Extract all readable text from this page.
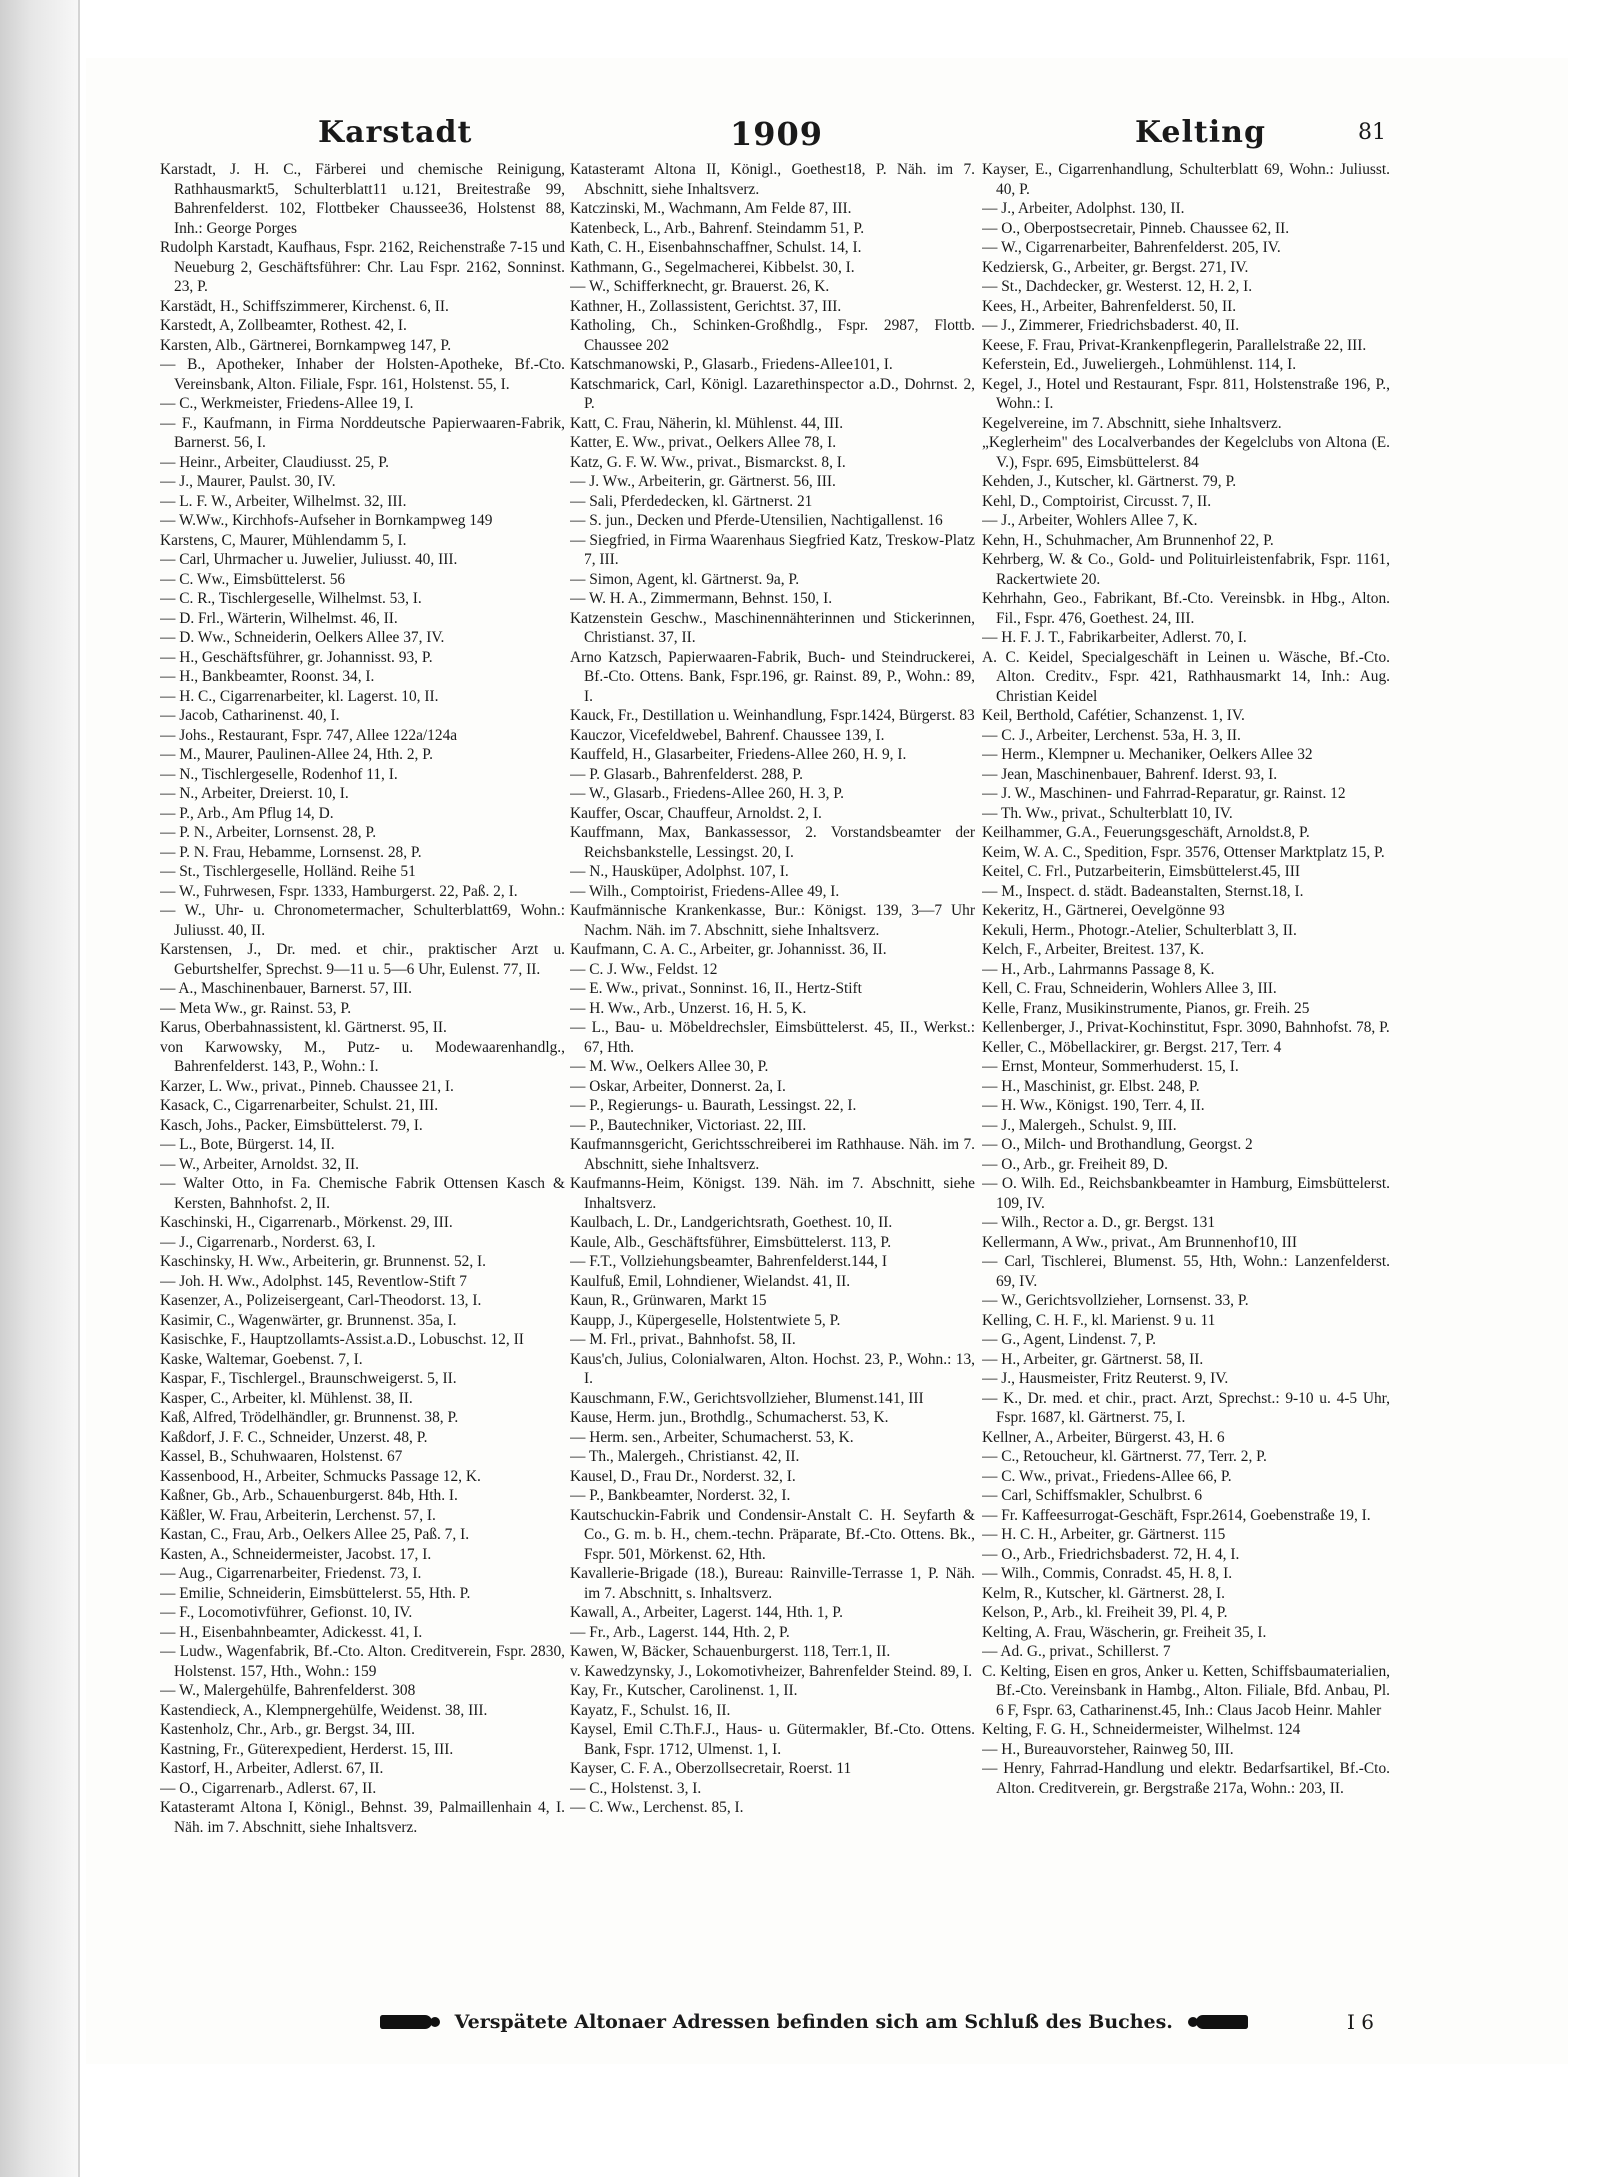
Karstadt	1909	Kelting	81

Karstadt, J. H. C., Färberei und chemische Reinigung, Rathhausmarkt5, Schulterblatt11 u.121, Breitestraße 99, Bahrenfelderst. 102, Flottbeker Chaussee36, Holstenst 88, Inh.: George Porges

Rudolph Karstadt, Kaufhaus, Fspr. 2162, Reichenstraße 7-15 und Neueburg 2, Geschäftsführer: Chr. Lau Fspr. 2162, Sonninst. 23, P.

Karstädt, H., Schiffszimmerer, Kirchenst. 6, II.

Karstedt, A, Zollbeamter, Rothest. 42, I.

Karsten, Alb., Gärtnerei, Bornkampweg 147, P.

— B., Apotheker, Inhaber der Holsten-Apotheke, Bf.-Cto. Vereinsbank, Alton. Filiale, Fspr. 161, Holstenst. 55, I.

— C., Werkmeister, Friedens-Allee 19, I.

— F., Kaufmann, in Firma Norddeutsche Papierwaaren-Fabrik, Barnerst. 56, I.

— Heinr., Arbeiter, Claudiusst. 25, P.

— J., Maurer, Paulst. 30, IV.

— L. F. W., Arbeiter, Wilhelmst. 32, III.

— W.Ww., Kirchhofs-Aufseher in Bornkampweg 149

Karstens, C, Maurer, Mühlendamm 5, I.

— Carl, Uhrmacher u. Juwelier, Juliusst. 40, III.

— C. Ww., Eimsbüttelerst. 56

— C. R., Tischlergeselle, Wilhelmst. 53, I.

— D. Frl., Wärterin, Wilhelmst. 46, II.

— D. Ww., Schneiderin, Oelkers Allee 37, IV.

— H., Geschäftsführer, gr. Johannisst. 93, P.

— H., Bankbeamter, Roonst. 34, I.

— H. C., Cigarrenarbeiter, kl. Lagerst. 10, II.

— Jacob, Catharinenst. 40, I.

— Johs., Restaurant, Fspr. 747, Allee 122a/124a

— M., Maurer, Paulinen-Allee 24, Hth. 2, P.

— N., Tischlergeselle, Rodenhof 11, I.

— N., Arbeiter, Dreierst. 10, I.

— P., Arb., Am Pflug 14, D.

— P. N., Arbeiter, Lornsenst. 28, P.

— P. N. Frau, Hebamme, Lornsenst. 28, P.

— St., Tischlergeselle, Holländ. Reihe 51

— W., Fuhrwesen, Fspr. 1333, Hamburgerst. 22, Paß. 2, I.

— W., Uhr- u. Chronometermacher, Schulterblatt69, Wohn.: Juliusst. 40, II.

Karstensen, J., Dr. med. et chir., praktischer Arzt u. Geburtshelfer, Sprechst. 9—11 u. 5—6 Uhr, Eulenst. 77, II.

— A., Maschinenbauer, Barnerst. 57, III.

— Meta Ww., gr. Rainst. 53, P.

Karus, Oberbahnassistent, kl. Gärtnerst. 95, II.

von Karwowsky, M., Putz- u. Modewaarenhandlg., Bahrenfelderst. 143, P., Wohn.: I.

Karzer, L. Ww., privat., Pinneb. Chaussee 21, I.

Kasack, C., Cigarrenarbeiter, Schulst. 21, III.

Kasch, Johs., Packer, Eimsbüttelerst. 79, I.

— L., Bote, Bürgerst. 14, II.

— W., Arbeiter, Arnoldst. 32, II.

— Walter Otto, in Fa. Chemische Fabrik Ottensen Kasch & Kersten, Bahnhofst. 2, II.

Kaschinski, H., Cigarrenarb., Mörkenst. 29, III.

— J., Cigarrenarb., Norderst. 63, I.

Kaschinsky, H. Ww., Arbeiterin, gr. Brunnenst. 52, I.

— Joh. H. Ww., Adolphst. 145, Reventlow-Stift 7

Kasenzer, A., Polizeisergeant, Carl-Theodorst. 13, I.

Kasimir, C., Wagenwärter, gr. Brunnenst. 35a, I.

Kasischke, F., Hauptzollamts-Assist.a.D., Lobuschst. 12, II

Kaske, Waltemar, Goebenst. 7, I.

Kaspar, F., Tischlergel., Braunschweigerst. 5, II.

Kasper, C., Arbeiter, kl. Mühlenst. 38, II.

Kaß, Alfred, Trödelhändler, gr. Brunnenst. 38, P.

Kaßdorf, J. F. C., Schneider, Unzerst. 48, P.

Kassel, B., Schuhwaaren, Holstenst. 67

Kassenbood, H., Arbeiter, Schmucks Passage 12, K.

Kaßner, Gb., Arb., Schauenburgerst. 84b, Hth. I.

Käßler, W. Frau, Arbeiterin, Lerchenst. 57, I.

Kastan, C., Frau, Arb., Oelkers Allee 25, Paß. 7, I.

Kasten, A., Schneidermeister, Jacobst. 17, I.

— Aug., Cigarrenarbeiter, Friedenst. 73, I.

— Emilie, Schneiderin, Eimsbüttelerst. 55, Hth. P.

— F., Locomotivführer, Gefionst. 10, IV.

— H., Eisenbahnbeamter, Adickesst. 41, I.

— Ludw., Wagenfabrik, Bf.-Cto. Alton. Creditverein, Fspr. 2830, Holstenst. 157, Hth., Wohn.: 159

— W., Malergehülfe, Bahrenfelderst. 308

Kastendieck, A., Klempnergehülfe, Weidenst. 38, III.

Kastenholz, Chr., Arb., gr. Bergst. 34, III.

Kastning, Fr., Güterexpedient, Herderst. 15, III.

Kastorf, H., Arbeiter, Adlerst. 67, II.

— O., Cigarrenarb., Adlerst. 67, II.

Katasteramt Altona I, Königl., Behnst. 39, Palmaillenhain 4, I. Näh. im 7. Abschnitt, siehe Inhaltsverz.

Katasteramt Altona II, Königl., Goethest18, P. Näh. im 7. Abschnitt, siehe Inhaltsverz.

Katczinski, M., Wachmann, Am Felde 87, III.

Katenbeck, L., Arb., Bahrenf. Steindamm 51, P.

Kath, C. H., Eisenbahnschaffner, Schulst. 14, I.

Kathmann, G., Segelmacherei, Kibbelst. 30, I.

— W., Schifferknecht, gr. Brauerst. 26, K.

Kathner, H., Zollassistent, Gerichtst. 37, III.

Katholing, Ch., Schinken-Großhdlg., Fspr. 2987, Flottb. Chaussee 202

Katschmanowski, P., Glasarb., Friedens-Allee101, I.

Katschmarick, Carl, Königl. Lazarethinspector a.D., Dohrnst. 2, P.

Katt, C. Frau, Näherin, kl. Mühlenst. 44, III.

Katter, E. Ww., privat., Oelkers Allee 78, I.

Katz, G. F. W. Ww., privat., Bismarckst. 8, I.

— J. Ww., Arbeiterin, gr. Gärtnerst. 56, III.

— Sali, Pferdedecken, kl. Gärtnerst. 21

— S. jun., Decken und Pferde-Utensilien, Nachtigallenst. 16

— Siegfried, in Firma Waarenhaus Siegfried Katz, Treskow-Platz 7, III.

— Simon, Agent, kl. Gärtnerst. 9a, P.

— W. H. A., Zimmermann, Behnst. 150, I.

Katzenstein Geschw., Maschinennähterinnen und Stickerinnen, Christianst. 37, II.

Arno Katzsch, Papierwaaren-Fabrik, Buch- und Steindruckerei, Bf.-Cto. Ottens. Bank, Fspr.196, gr. Rainst. 89, P., Wohn.: 89, I.

Kauck, Fr., Destillation u. Weinhandlung, Fspr.1424, Bürgerst. 83

Kauczor, Vicefeldwebel, Bahrenf. Chaussee 139, I.

Kauffeld, H., Glasarbeiter, Friedens-Allee 260, H. 9, I.

— P. Glasarb., Bahrenfelderst. 288, P.

— W., Glasarb., Friedens-Allee 260, H. 3, P.

Kauffer, Oscar, Chauffeur, Arnoldst. 2, I.

Kauffmann, Max, Bankassessor, 2. Vorstandsbeamter der Reichsbankstelle, Lessingst. 20, I.

— N., Hausküper, Adolphst. 107, I.

— Wilh., Comptoirist, Friedens-Allee 49, I.

Kaufmännische Krankenkasse, Bur.: Königst. 139, 3—7 Uhr Nachm. Näh. im 7. Abschnitt, siehe Inhaltsverz.

Kaufmann, C. A. C., Arbeiter, gr. Johannisst. 36, II.

— C. J. Ww., Feldst. 12

— E. Ww., privat., Sonninst. 16, II., Hertz-Stift

— H. Ww., Arb., Unzerst. 16, H. 5, K.

— L., Bau- u. Möbeldrechsler, Eimsbüttelerst. 45, II., Werkst.: 67, Hth.

— M. Ww., Oelkers Allee 30, P.

— Oskar, Arbeiter, Donnerst. 2a, I.

— P., Regierungs- u. Baurath, Lessingst. 22, I.

— P., Bautechniker, Victoriast. 22, III.

Kaufmannsgericht, Gerichtsschreiberei im Rathhause. Näh. im 7. Abschnitt, siehe Inhaltsverz.

Kaufmanns-Heim, Königst. 139. Näh. im 7. Abschnitt, siehe Inhaltsverz.

Kaulbach, L. Dr., Landgerichtsrath, Goethest. 10, II.

Kaule, Alb., Geschäftsführer, Eimsbüttelerst. 113, P.

— F.T., Vollziehungsbeamter, Bahrenfelderst.144, I

Kaulfuß, Emil, Lohndiener, Wielandst. 41, II.

Kaun, R., Grünwaren, Markt 15

Kaupp, J., Küpergeselle, Holstentwiete 5, P.

— M. Frl., privat., Bahnhofst. 58, II.

Kaus'ch, Julius, Colonialwaren, Alton. Hochst. 23, P., Wohn.: 13, I.

Kauschmann, F.W., Gerichtsvollzieher, Blumenst.141, III

Kause, Herm. jun., Brothdlg., Schumacherst. 53, K.

— Herm. sen., Arbeiter, Schumacherst. 53, K.

— Th., Malergeh., Christianst. 42, II.

Kausel, D., Frau Dr., Norderst. 32, I.

— P., Bankbeamter, Norderst. 32, I.

Kautschuckin-Fabrik und Condensir-Anstalt C. H. Seyfarth & Co., G. m. b. H., chem.-techn. Präparate, Bf.-Cto. Ottens. Bk., Fspr. 501, Mörkenst. 62, Hth.

Kavallerie-Brigade (18.), Bureau: Rainville-Terrasse 1, P. Näh. im 7. Abschnitt, s. Inhaltsverz.

Kawall, A., Arbeiter, Lagerst. 144, Hth. 1, P.

— Fr., Arb., Lagerst. 144, Hth. 2, P.

Kawen, W, Bäcker, Schauenburgerst. 118, Terr.1, II.

v. Kawedzynsky, J., Lokomotivheizer, Bahrenfelder Steind. 89, I.

Kay, Fr., Kutscher, Carolinenst. 1, II.

Kayatz, F., Schulst. 16, II.

Kaysel, Emil C.Th.F.J., Haus- u. Gütermakler, Bf.-Cto. Ottens. Bank, Fspr. 1712, Ulmenst. 1, I.

Kayser, C. F. A., Oberzollsecretair, Roerst. 11

— C., Holstenst. 3, I.

— C. Ww., Lerchenst. 85, I.

Kayser, E., Cigarrenhandlung, Schulterblatt 69, Wohn.: Juliusst. 40, P.

— J., Arbeiter, Adolphst. 130, II.

— O., Oberpostsecretair, Pinneb. Chaussee 62, II.

— W., Cigarrenarbeiter, Bahrenfelderst. 205, IV.

Kedziersk, G., Arbeiter, gr. Bergst. 271, IV.

— St., Dachdecker, gr. Westerst. 12, H. 2, I.

Kees, H., Arbeiter, Bahrenfelderst. 50, II.

— J., Zimmerer, Friedrichsbaderst. 40, II.

Keese, F. Frau, Privat-Krankenpflegerin, Parallelstraße 22, III.

Keferstein, Ed., Juweliergeh., Lohmühlenst. 114, I.

Kegel, J., Hotel und Restaurant, Fspr. 811, Holstenstraße 196, P., Wohn.: I.

Kegelvereine, im 7. Abschnitt, siehe Inhaltsverz.

„Keglerheim" des Localverbandes der Kegelclubs von Altona (E. V.), Fspr. 695, Eimsbüttelerst. 84

Kehden, J., Kutscher, kl. Gärtnerst. 79, P.

Kehl, D., Comptoirist, Circusst. 7, II.

— J., Arbeiter, Wohlers Allee 7, K.

Kehn, H., Schuhmacher, Am Brunnenhof 22, P.

Kehrberg, W. & Co., Gold- und Polituirleistenfabrik, Fspr. 1161, Rackertwiete 20.

Kehrhahn, Geo., Fabrikant, Bf.-Cto. Vereinsbk. in Hbg., Alton. Fil., Fspr. 476, Goethest. 24, III.

— H. F. J. T., Fabrikarbeiter, Adlerst. 70, I.

A. C. Keidel, Specialgeschäft in Leinen u. Wäsche, Bf.-Cto. Alton. Creditv., Fspr. 421, Rathhausmarkt 14, Inh.: Aug. Christian Keidel

Keil, Berthold, Cafétier, Schanzenst. 1, IV.

— C. J., Arbeiter, Lerchenst. 53a, H. 3, II.

— Herm., Klempner u. Mechaniker, Oelkers Allee 32

— Jean, Maschinenbauer, Bahrenf. Iderst. 93, I.

— J. W., Maschinen- und Fahrrad-Reparatur, gr. Rainst. 12

— Th. Ww., privat., Schulterblatt 10, IV.

Keilhammer, G.A., Feuerungsgeschäft, Arnoldst.8, P.

Keim, W. A. C., Spedition, Fspr. 3576, Ottenser Marktplatz 15, P.

Keitel, C. Frl., Putzarbeiterin, Eimsbüttelerst.45, III

— M., Inspect. d. städt. Badeanstalten, Sternst.18, I.

Kekeritz, H., Gärtnerei, Oevelgönne 93

Kekuli, Herm., Photogr.-Atelier, Schulterblatt 3, II.

Kelch, F., Arbeiter, Breitest. 137, K.

— H., Arb., Lahrmanns Passage 8, K.

Kell, C. Frau, Schneiderin, Wohlers Allee 3, III.

Kelle, Franz, Musikinstrumente, Pianos, gr. Freih. 25

Kellenberger, J., Privat-Kochinstitut, Fspr. 3090, Bahnhofst. 78, P.

Keller, C., Möbellackirer, gr. Bergst. 217, Terr. 4

— Ernst, Monteur, Sommerhuderst. 15, I.

— H., Maschinist, gr. Elbst. 248, P.

— H. Ww., Königst. 190, Terr. 4, II.

— J., Malergeh., Schulst. 9, III.

— O., Milch- und Brothandlung, Georgst. 2

— O., Arb., gr. Freiheit 89, D.

— O. Wilh. Ed., Reichsbankbeamter in Hamburg, Eimsbüttelerst. 109, IV.

— Wilh., Rector a. D., gr. Bergst. 131

Kellermann, A Ww., privat., Am Brunnenhof10, III

— Carl, Tischlerei, Blumenst. 55, Hth, Wohn.: Lanzenfelderst. 69, IV.

— W., Gerichtsvollzieher, Lornsenst. 33, P.

Kelling, C. H. F., kl. Marienst. 9 u. 11

— G., Agent, Lindenst. 7, P.

— H., Arbeiter, gr. Gärtnerst. 58, II.

— J., Hausmeister, Fritz Reuterst. 9, IV.

— K., Dr. med. et chir., pract. Arzt, Sprechst.: 9-10 u. 4-5 Uhr, Fspr. 1687, kl. Gärtnerst. 75, I.

Kellner, A., Arbeiter, Bürgerst. 43, H. 6

— C., Retoucheur, kl. Gärtnerst. 77, Terr. 2, P.

— C. Ww., privat., Friedens-Allee 66, P.

— Carl, Schiffsmakler, Schulbrst. 6

— Fr. Kaffeesurrogat-Geschäft, Fspr.2614, Goebenstraße 19, I.

— H. C. H., Arbeiter, gr. Gärtnerst. 115

— O., Arb., Friedrichsbaderst. 72, H. 4, I.

— Wilh., Commis, Conradst. 45, H. 8, I.

Kelm, R., Kutscher, kl. Gärtnerst. 28, I.

Kelson, P., Arb., kl. Freiheit 39, Pl. 4, P.

Kelting, A. Frau, Wäscherin, gr. Freiheit 35, I.

— Ad. G., privat., Schillerst. 7

C. Kelting, Eisen en gros, Anker u. Ketten, Schiffsbaumaterialien, Bf.-Cto. Vereinsbank in Hambg., Alton. Filiale, Bfd. Anbau, Pl. 6 F, Fspr. 63, Catharinenst.45, Inh.: Claus Jacob Heinr. Mahler

Kelting, F. G. H., Schneidermeister, Wilhelmst. 124

— H., Bureauvorsteher, Rainweg 50, III.

— Henry, Fahrrad-Handlung und elektr. Bedarfsartikel, Bf.-Cto. Alton. Creditverein, gr. Bergstraße 217a, Wohn.: 203, II.

Verspätete Altonaer Adressen befinden sich am Schluß des Buches.	I 6
